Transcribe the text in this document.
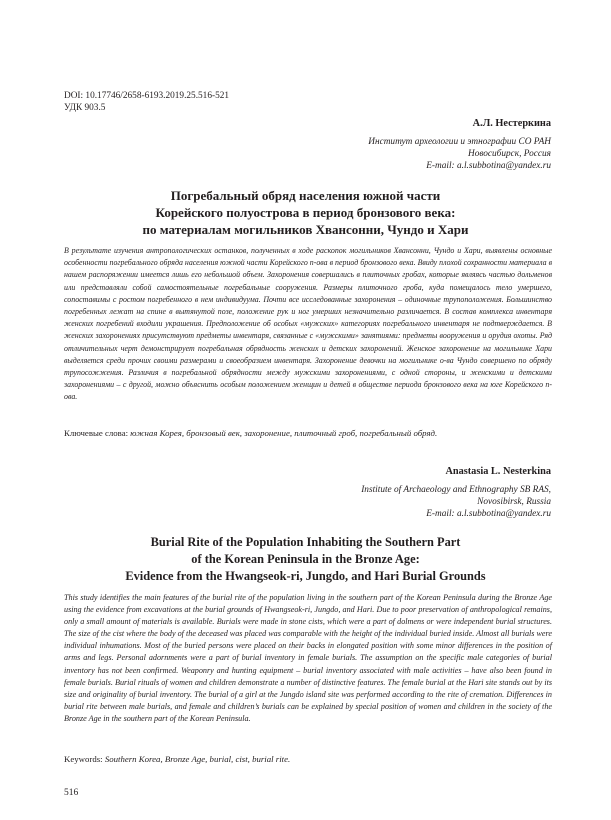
DOI: 10.17746/2658-6193.2019.25.516-521
УДК 903.5
А.Л. Нестеркина
Институт археологии и этнографии СО РАН
Новосибирск, Россия
E-mail: a.l.subbotina@yandex.ru
Погребальный обряд населения южной части
Корейского полуострова в период бронзового века:
по материалам могильников Хвансонни, Чундо и Хари
В результате изучения антропологических останков, полученных в ходе раскопок могильников Хвансонни, Чундо и Хари, выявлены основные особенности погребального обряда населения южной части Корейского п-ова в период бронзового века. Ввиду плохой сохранности материала в нашем распоряжении имеется лишь его небольшой объем. Захоронения совершались в плиточных гробах, которые являясь частью дольменов или представляли собой самостоятельные погребальные сооружения. Размеры плиточного гроба, куда помещалось тело умершего, сопоставимы с ростом погребенного в нем индивидуума. Почти все исследованные захоронения – одиночные трупоположения. Большинство погребенных лежат на спине в вытянутой позе, положение рук и ног умерших незначительно различается. В состав комплекса инвентаря женских погребений входили украшения. Предположение об особых «мужских» категориях погребального инвентаря не подтверждается. В женских захоронениях присутствуют предметы инвентаря, связанные с «мужскими» занятиями: предметы вооружения и орудия охоты. Ряд отличительных черт демонстрирует погребальная обрядность женских и детских захоронений. Женское захоронение на могильнике Хари выделяется среди прочих своими размерами и своеобразием инвентаря. Захоронение девочки на могильнике о-ва Чундо совершено по обряду трупосожжения. Различия в погребальной обрядности между мужскими захоронениями, с одной стороны, и женскими и детскими захоронениями – с другой, можно объяснить особым положением женщин и детей в обществе периода бронзового века на юге Корейского п-ова.
Ключевые слова: южная Корея, бронзовый век, захоронение, плиточный гроб, погребальный обряд.
Anastasia L. Nesterkina
Institute of Archaeology and Ethnography SB RAS,
Novosibirsk, Russia
E-mail: a.l.subbotina@yandex.ru
Burial Rite of the Population Inhabiting the Southern Part
of the Korean Peninsula in the Bronze Age:
Evidence from the Hwangseok-ri, Jungdo, and Hari Burial Grounds
This study identifies the main features of the burial rite of the population living in the southern part of the Korean Peninsula during the Bronze Age using the evidence from excavations at the burial grounds of Hwangseok-ri, Jungdo, and Hari. Due to poor preservation of anthropological remains, only a small amount of materials is available. Burials were made in stone cists, which were a part of dolmens or were independent burial structures. The size of the cist where the body of the deceased was placed was comparable with the height of the individual buried inside. Almost all burials were individual inhumations. Most of the buried persons were placed on their backs in elongated position with some minor differences in the position of arms and legs. Personal adornments were a part of burial inventory in female burials. The assumption on the specific male categories of burial inventory has not been confirmed. Weaponry and hunting equipment – burial inventory associated with male activities – have also been found in female burials. Burial rituals of women and children demonstrate a number of distinctive features. The female burial at the Hari site stands out by its size and originality of burial inventory. The burial of a girl at the Jungdo island site was performed according to the rite of cremation. Differences in burial rite between male burials, and female and children’s burials can be explained by special position of women and children in the society of the Bronze Age in the southern part of the Korean Peninsula.
Keywords: Southern Korea, Bronze Age, burial, cist, burial rite.
516
